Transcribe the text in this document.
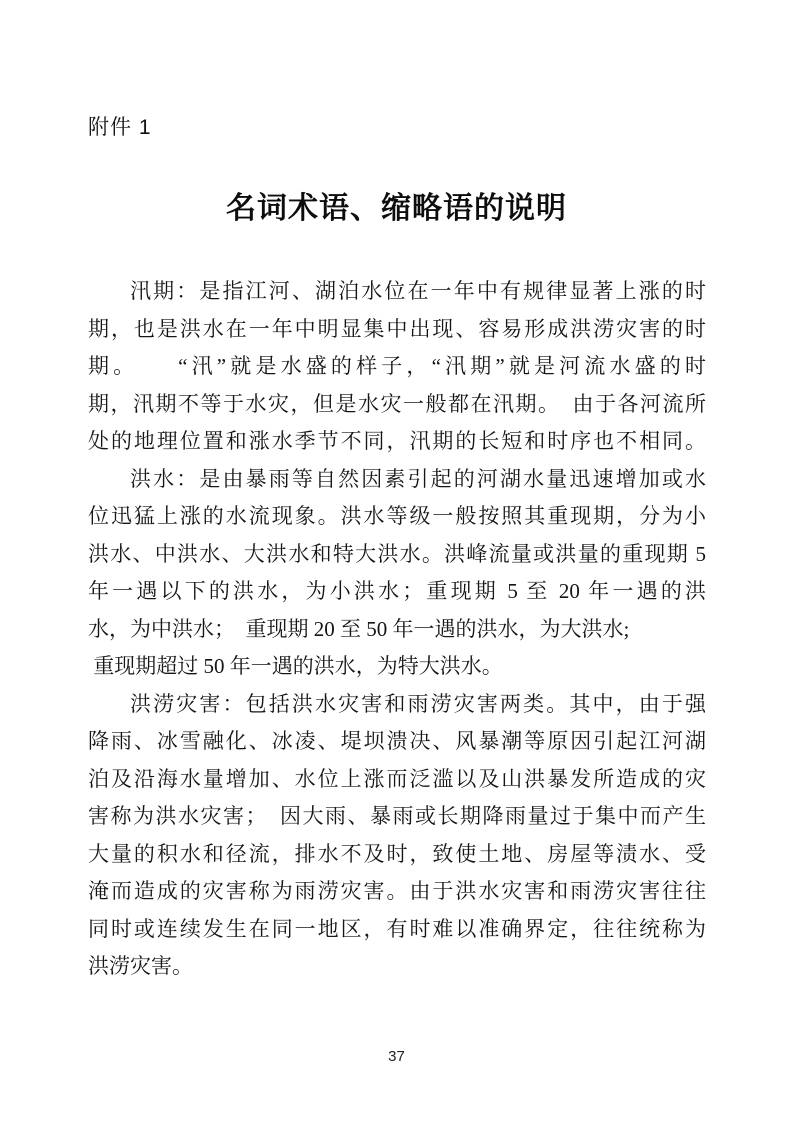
附件 1
名词术语、缩略语的说明
汛期：是指江河、湖泊水位在一年中有规律显著上涨的时
期，也是洪水在一年中明显集中出现、容易形成洪涝灾害的时
期。　　“汛”就是水盛的样子，“汛期”就是河流水盛的时
期，汛期不等于水灾，但是水灾一般都在汛期。　由于各河流所
处的地理位置和涨水季节不同，汛期的长短和时序也不相同。
洪水：是由暴雨等自然因素引起的河湖水量迅速增加或水
位迅猛上涨的水流现象。洪水等级一般按照其重现期，分为小
洪水、中洪水、大洪水和特大洪水。洪峰流量或洪量的重现期 5
年一遇以下的洪水，为小洪水；重现期 5 至 20 年一遇的洪
水，为中洪水；　重现期 20 至 50 年一遇的洪水，为大洪水;
重现期超过 50 年一遇的洪水，为特大洪水。
洪涝灾害：包括洪水灾害和雨涝灾害两类。其中，由于强
降雨、冰雪融化、冰凌、堤坝溃决、风暴潮等原因引起江河湖
泊及沿海水量增加、水位上涨而泛滥以及山洪暴发所造成的灾
害称为洪水灾害；　因大雨、暴雨或长期降雨量过于集中而产生
大量的积水和径流，排水不及时，致使土地、房屋等渍水、受
淹而造成的灾害称为雨涝灾害。由于洪水灾害和雨涝灾害往往
同时或连续发生在同一地区，有时难以准确界定，往往统称为
洪涝灾害。
37
